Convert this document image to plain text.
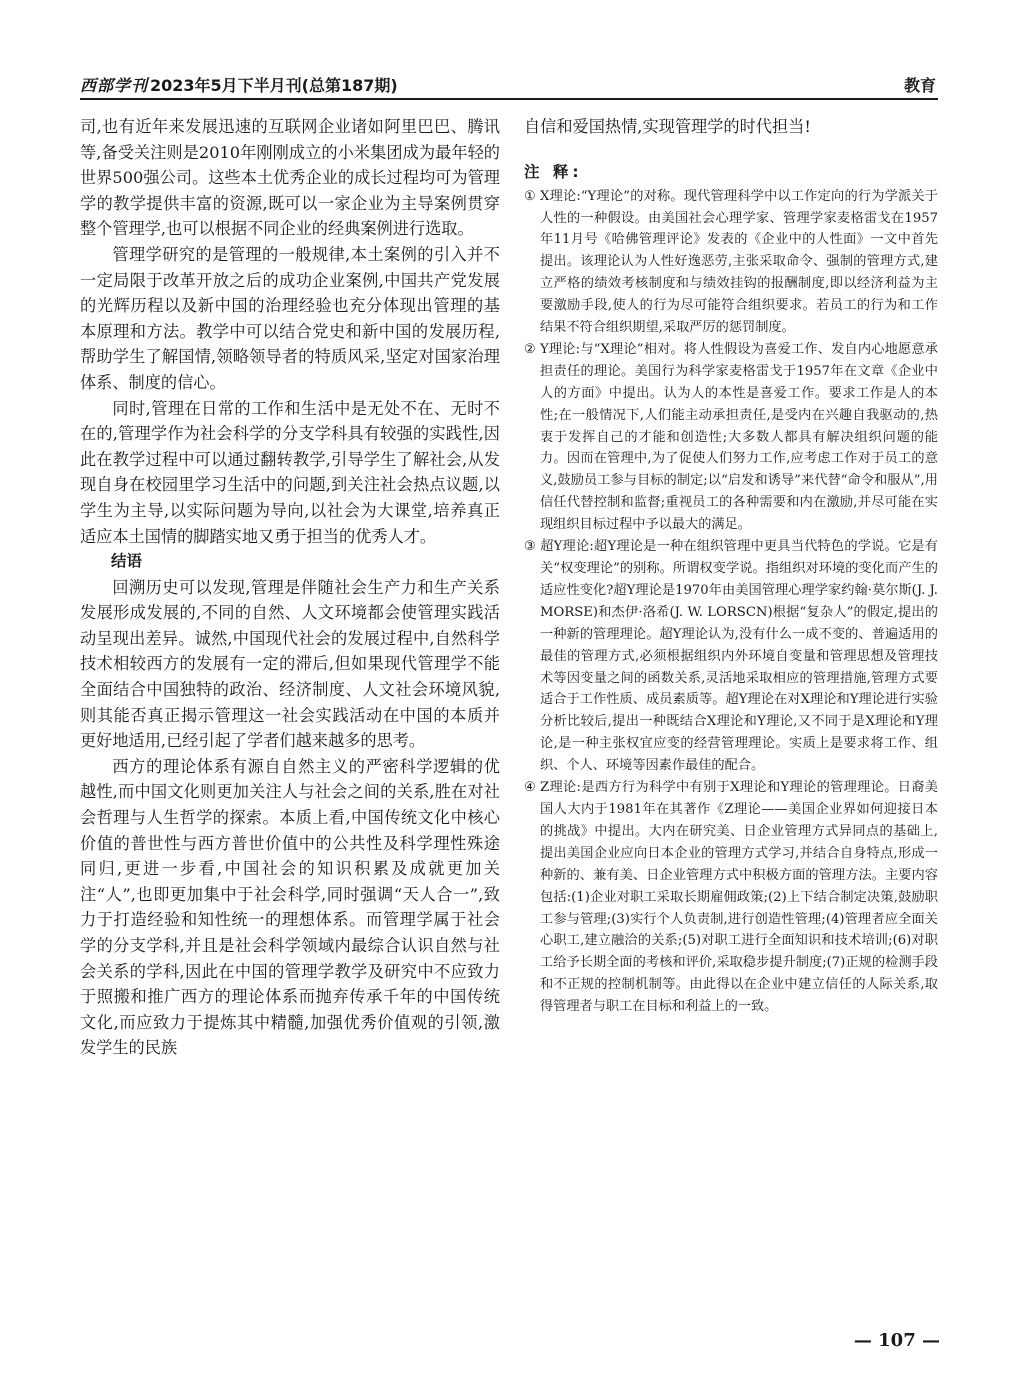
西部学刊 2023年5月下半月刊(总第187期)	教育

司,也有近年来发展迅速的互联网企业诸如阿里巴巴、腾讯等,备受关注则是2010年刚刚成立的小米集团成为最年轻的世界500强公司。这些本土优秀企业的成长过程均可为管理学的教学提供丰富的资源,既可以一家企业为主导案例贯穿整个管理学,也可以根据不同企业的经典案例进行选取。

管理学研究的是管理的一般规律,本土案例的引入并不一定局限于改革开放之后的成功企业案例,中国共产党发展的光辉历程以及新中国的治理经验也充分体现出管理的基本原理和方法。教学中可以结合党史和新中国的发展历程,帮助学生了解国情,领略领导者的特质风采,坚定对国家治理体系、制度的信心。

同时,管理在日常的工作和生活中是无处不在、无时不在的,管理学作为社会科学的分支学科具有较强的实践性,因此在教学过程中可以通过翻转教学,引导学生了解社会,从发现自身在校园里学习生活中的问题,到关注社会热点议题,以学生为主导,以实际问题为导向,以社会为大课堂,培养真正适应本土国情的脚踏实地又勇于担当的优秀人才。

结语

回溯历史可以发现,管理是伴随社会生产力和生产关系发展形成发展的,不同的自然、人文环境都会使管理实践活动呈现出差异。诚然,中国现代社会的发展过程中,自然科学技术相较西方的发展有一定的滞后,但如果现代管理学不能全面结合中国独特的政治、经济制度、人文社会环境风貌,则其能否真正揭示管理这一社会实践活动在中国的本质并更好地适用,已经引起了学者们越来越多的思考。

西方的理论体系有源自自然主义的严密科学逻辑的优越性,而中国文化则更加关注人与社会之间的关系,胜在对社会哲理与人生哲学的探索。本质上看,中国传统文化中核心价值的普世性与西方普世价值中的公共性及科学理性殊途同归,更进一步看,中国社会的知识积累及成就更加关注“人”,也即更加集中于社会科学,同时强调“天人合一”,致力于打造经验和知性统一的理想体系。而管理学属于社会学的分支学科,并且是社会科学领域内最综合认识自然与社会关系的学科,因此在中国的管理学教学及研究中不应致力于照搬和推广西方的理论体系而抛弃传承千年的中国传统文化,而应致力于提炼其中精髓,加强优秀价值观的引领,激发学生的民族

自信和爱国热情,实现管理学的时代担当!

注 释:

① X理论:“Y理论”的对称。现代管理科学中以工作定向的行为学派关于人性的一种假设。由美国社会心理学家、管理学家麦格雷戈在1957年11月号《哈佛管理评论》发表的《企业中的人性面》一文中首先提出。该理论认为人性好逸恶劳,主张采取命令、强制的管理方式,建立严格的绩效考核制度和与绩效挂钩的报酬制度,即以经济利益为主要激励手段,使人的行为尽可能符合组织要求。若员工的行为和工作结果不符合组织期望,采取严厉的惩罚制度。

② Y理论:与“X理论”相对。将人性假设为喜爱工作、发自内心地愿意承担责任的理论。美国行为科学家麦格雷戈于1957年在文章《企业中人的方面》中提出。认为人的本性是喜爱工作。要求工作是人的本性;在一般情况下,人们能主动承担责任,是受内在兴趣自我驱动的,热衷于发挥自己的才能和创造性;大多数人都具有解决组织问题的能力。因而在管理中,为了促使人们努力工作,应考虑工作对于员工的意义,鼓励员工参与目标的制定;以“启发和诱导”来代替“命令和服从”,用信任代替控制和监督;重视员工的各种需要和内在激励,并尽可能在实现组织目标过程中予以最大的满足。

③ 超Y理论:超Y理论是一种在组织管理中更具当代特色的学说。它是有关“权变理论”的别称。所谓权变学说。指组织对环境的变化而产生的适应性变化?超Y理论是1970年由美国管理心理学家约翰·莫尔斯(J. J. MORSE)和杰伊·洛希(J. W. LORSCN)根据“复杂人”的假定,提出的一种新的管理理论。超Y理论认为,没有什么一成不变的、普遍适用的最佳的管理方式,必须根据组织内外环境自变量和管理思想及管理技术等因变量之间的函数关系,灵活地采取相应的管理措施,管理方式要适合于工作性质、成员素质等。超Y理论在对X理论和Y理论进行实验分析比较后,提出一种既结合X理论和Y理论,又不同于是X理论和Y理论,是一种主张权宜应变的经营管理理论。实质上是要求将工作、组织、个人、环境等因素作最佳的配合。

④ Z理论:是西方行为科学中有别于X理论和Y理论的管理理论。日裔美国人大内于1981年在其著作《Z理论——美国企业界如何迎接日本的挑战》中提出。大内在研究美、日企业管理方式异同点的基础上,提出美国企业应向日本企业的管理方式学习,并结合自身特点,形成一种新的、兼有美、日企业管理方式中积极方面的管理方法。主要内容包括:(1)企业对职工采取长期雇佣政策;(2)上下结合制定决策,鼓励职工参与管理;(3)实行个人负责制,进行创造性管理;(4)管理者应全面关心职工,建立融洽的关系;(5)对职工进行全面知识和技术培训;(6)对职工给予长期全面的考核和评价,采取稳步提升制度;(7)正规的检测手段和不正规的控制机制等。由此得以在企业中建立信任的人际关系,取得管理者与职工在目标和利益上的一致。

— 107 —
